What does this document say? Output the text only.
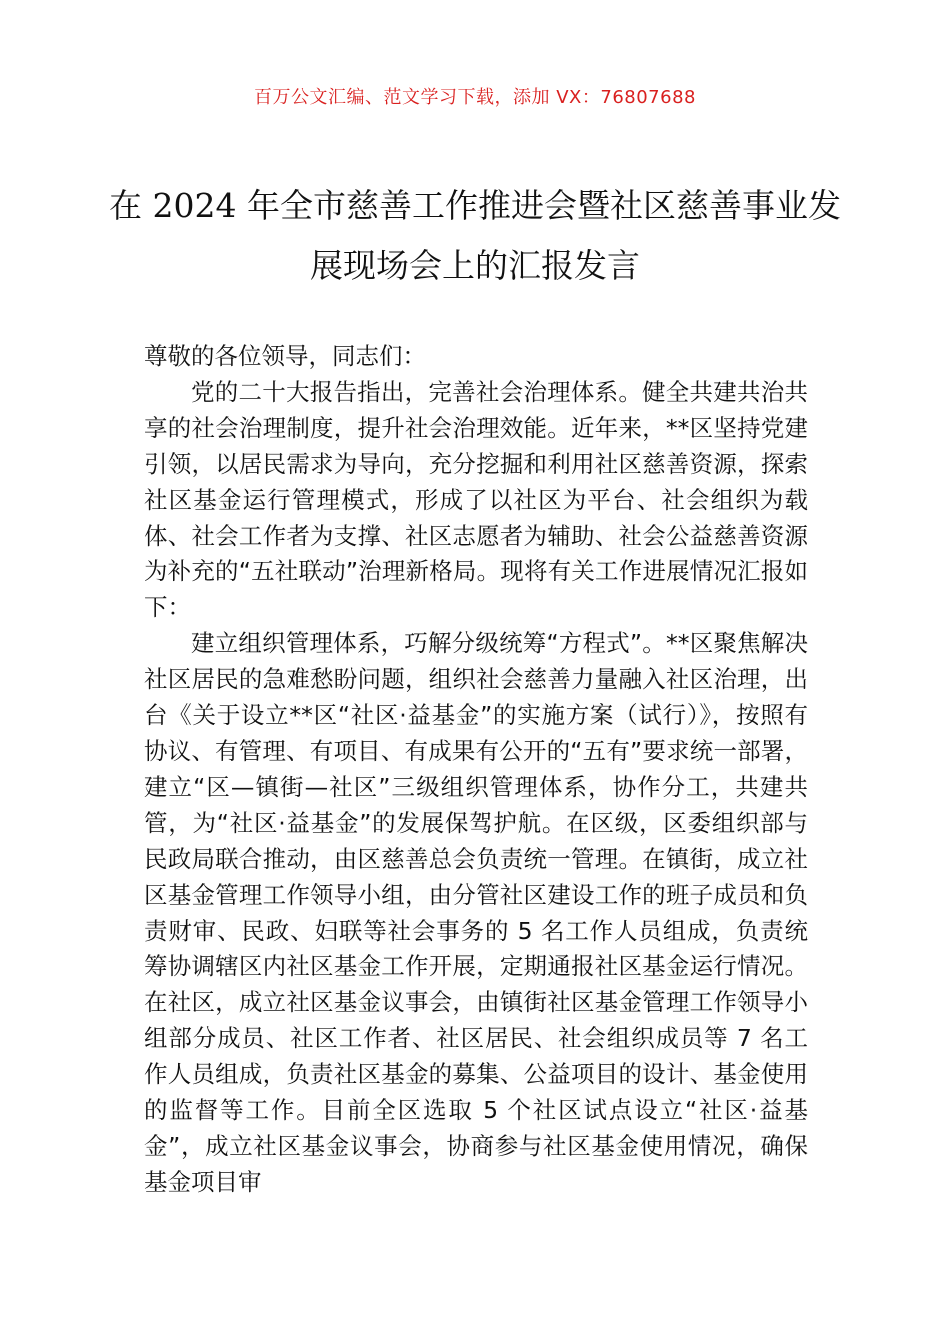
百万公文汇编、范文学习下载，添加 VX：76807688
在 2024 年全市慈善工作推进会暨社区慈善事业发展现场会上的汇报发言

尊敬的各位领导，同志们：

党的二十大报告指出，完善社会治理体系。健全共建共治共享的社会治理制度，提升社会治理效能。近年来，**区坚持党建引领，以居民需求为导向，充分挖掘和利用社区慈善资源，探索社区基金运行管理模式，形成了以社区为平台、社会组织为载体、社会工作者为支撑、社区志愿者为辅助、社会公益慈善资源为补充的“五社联动”治理新格局。现将有关工作进展情况汇报如下：

建立组织管理体系，巧解分级统筹“方程式”。**区聚焦解决社区居民的急难愁盼问题，组织社会慈善力量融入社区治理，出台《关于设立**区“社区·益基金”的实施方案（试行）》，按照有协议、有管理、有项目、有成果有公开的“五有”要求统一部署，建立“区—镇街—社区”三级组织管理体系，协作分工，共建共管，为“社区·益基金”的发展保驾护航。在区级，区委组织部与民政局联合推动，由区慈善总会负责统一管理。在镇街，成立社区基金管理工作领导小组，由分管社区建设工作的班子成员和负责财审、民政、妇联等社会事务的 5 名工作人员组成，负责统筹协调辖区内社区基金工作开展，定期通报社区基金运行情况。在社区，成立社区基金议事会，由镇街社区基金管理工作领导小组部分成员、社区工作者、社区居民、社会组织成员等 7 名工作人员组成，负责社区基金的募集、公益项目的设计、基金使用的监督等工作。目前全区选取 5 个社区试点设立“社区·益基金”，成立社区基金议事会，协商参与社区基金使用情况，确保基金项目审
